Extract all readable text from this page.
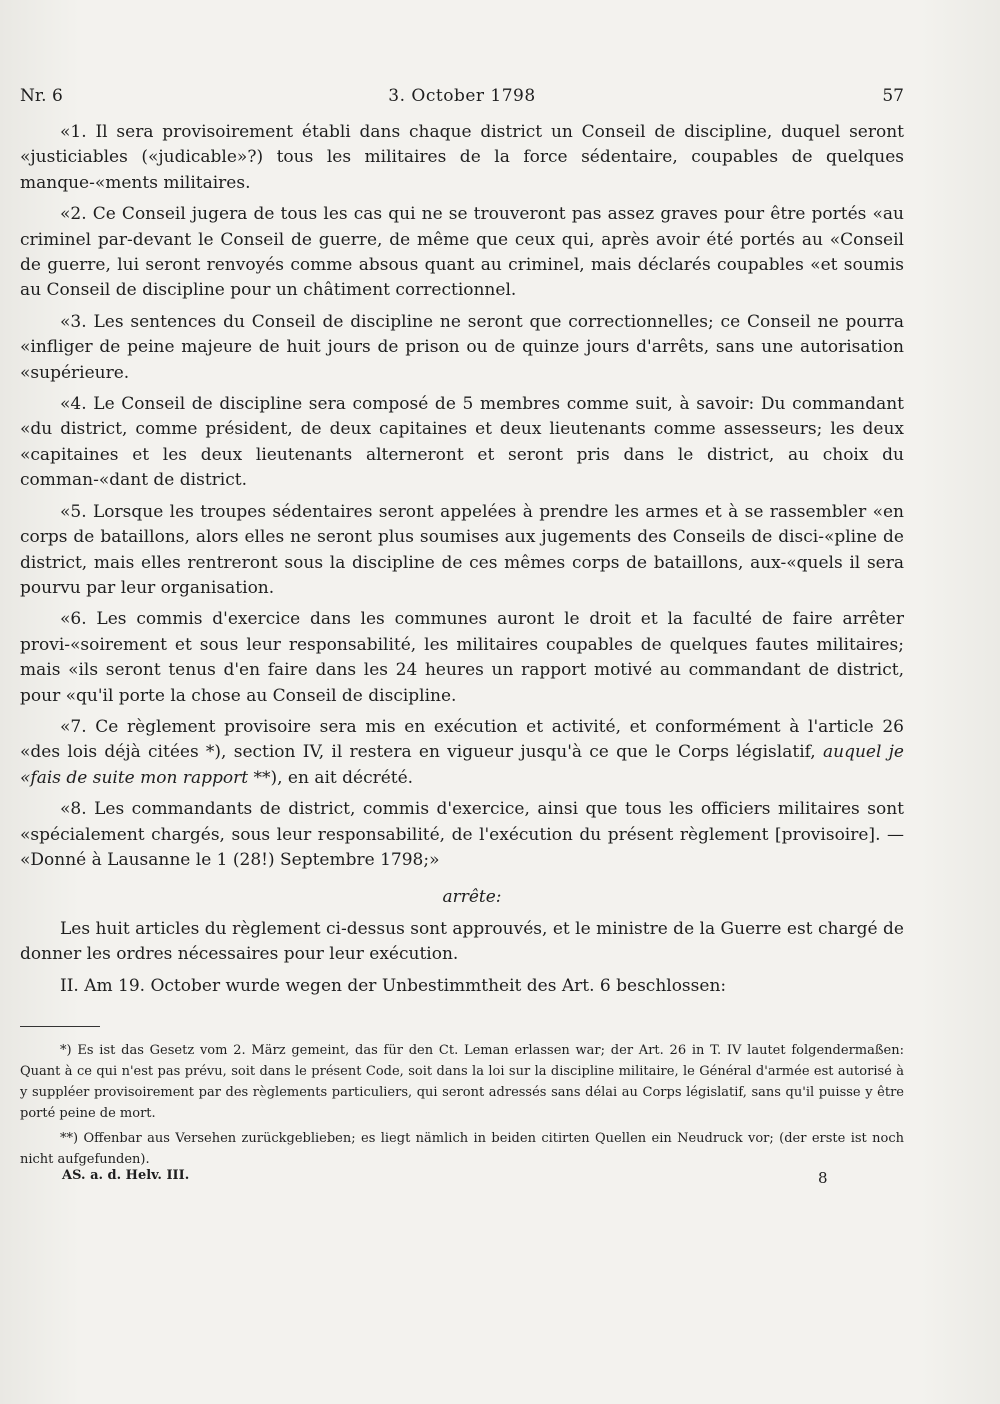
Nr. 6	3. October 1798	57

«1. Il sera provisoirement établi dans chaque district un Conseil de discipline, duquel seront «justiciables («judicable»?) tous les militaires de la force sédentaire, coupables de quelques manque-«ments militaires.

«2. Ce Conseil jugera de tous les cas qui ne se trouveront pas assez graves pour être portés «au criminel par-devant le Conseil de guerre, de même que ceux qui, après avoir été portés au «Conseil de guerre, lui seront renvoyés comme absous quant au criminel, mais déclarés coupables «et soumis au Conseil de discipline pour un châtiment correctionnel.

«3. Les sentences du Conseil de discipline ne seront que correctionnelles; ce Conseil ne pourra «infliger de peine majeure de huit jours de prison ou de quinze jours d'arrêts, sans une autorisation «supérieure.

«4. Le Conseil de discipline sera composé de 5 membres comme suit, à savoir: Du commandant «du district, comme président, de deux capitaines et deux lieutenants comme assesseurs; les deux «capitaines et les deux lieutenants alterneront et seront pris dans le district, au choix du comman-«dant de district.

«5. Lorsque les troupes sédentaires seront appelées à prendre les armes et à se rassembler «en corps de bataillons, alors elles ne seront plus soumises aux jugements des Conseils de disci-«pline de district, mais elles rentreront sous la discipline de ces mêmes corps de bataillons, aux-«quels il sera pourvu par leur organisation.

«6. Les commis d'exercice dans les communes auront le droit et la faculté de faire arrêter provi-«soirement et sous leur responsabilité, les militaires coupables de quelques fautes militaires; mais «ils seront tenus d'en faire dans les 24 heures un rapport motivé au commandant de district, pour «qu'il porte la chose au Conseil de discipline.

«7. Ce règlement provisoire sera mis en exécution et activité, et conformément à l'article 26 «des lois déjà citées *), section IV, il restera en vigueur jusqu'à ce que le Corps législatif, auquel je «fais de suite mon rapport **), en ait décrété.

«8. Les commandants de district, commis d'exercice, ainsi que tous les officiers militaires sont «spécialement chargés, sous leur responsabilité, de l'exécution du présent règlement [provisoire]. — «Donné à Lausanne le 1 (28!) Septembre 1798;»

arrête:

Les huit articles du règlement ci-dessus sont approuvés, et le ministre de la Guerre est chargé de donner les ordres nécessaires pour leur exécution.

II. Am 19. October wurde wegen der Unbestimmtheit des Art. 6 beschlossen:

*) Es ist das Gesetz vom 2. März gemeint, das für den Ct. Leman erlassen war; der Art. 26 in T. IV lautet folgendermaßen: Quant à ce qui n'est pas prévu, soit dans le présent Code, soit dans la loi sur la discipline militaire, le Général d'armée est autorisé à y suppléer provisoirement par des règlements particuliers, qui seront adressés sans délai au Corps législatif, sans qu'il puisse y être porté peine de mort.

**) Offenbar aus Versehen zurückgeblieben; es liegt nämlich in beiden citirten Quellen ein Neudruck vor; (der erste ist noch nicht aufgefunden).

AS. a. d. Helv. III.	8
